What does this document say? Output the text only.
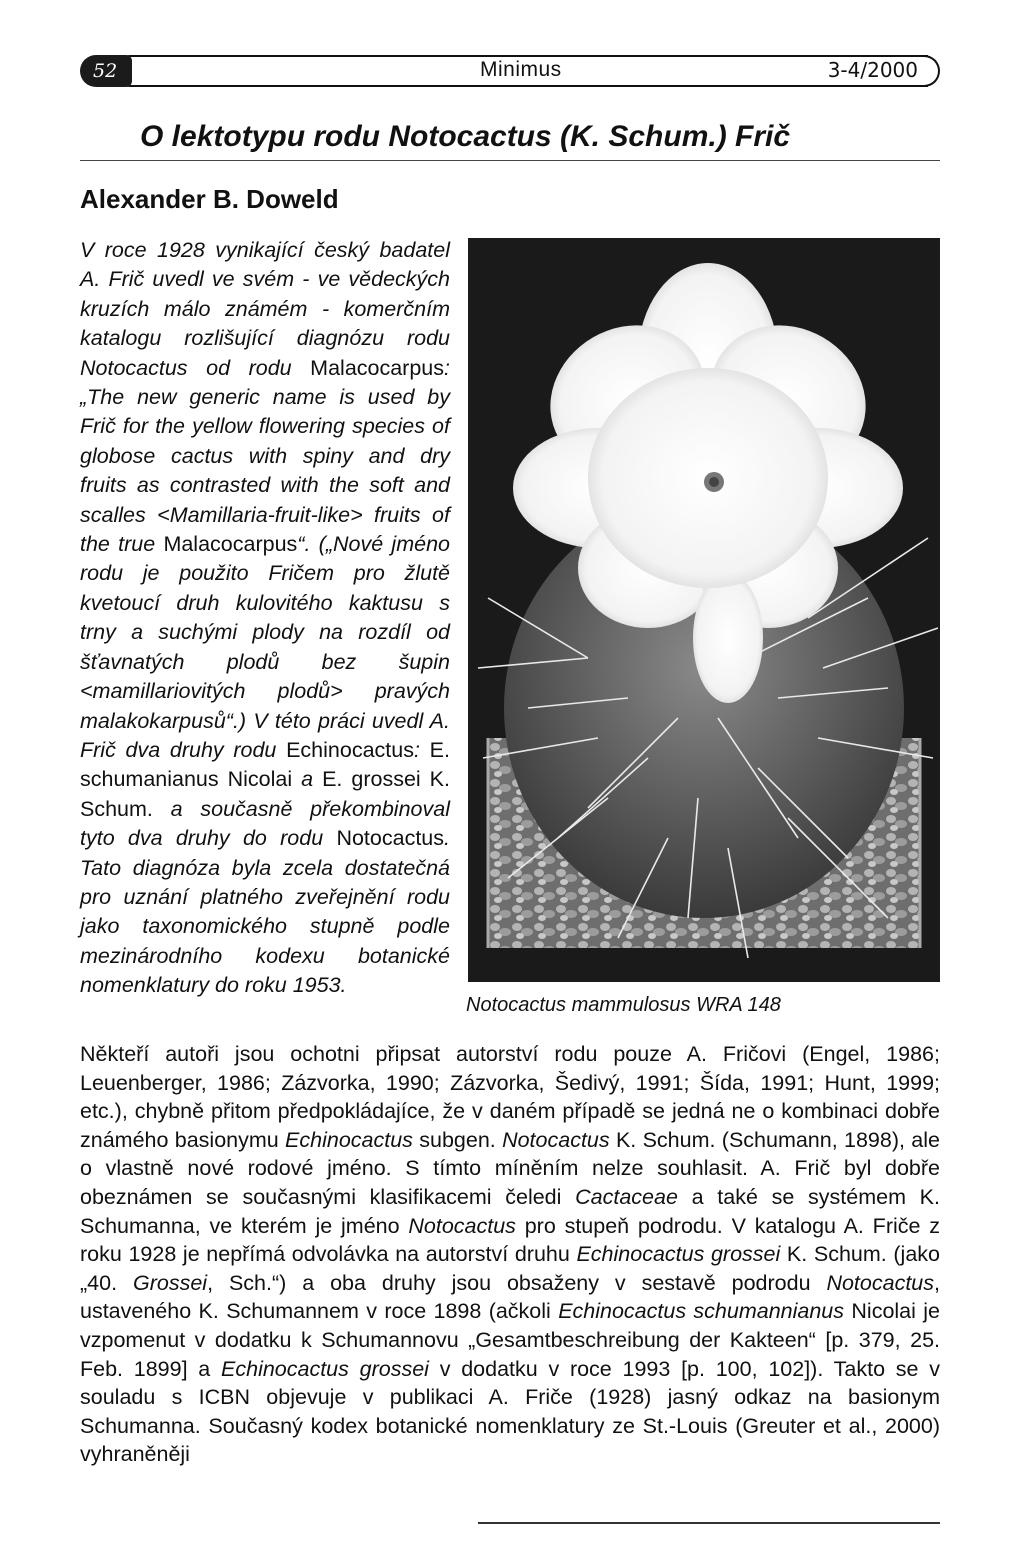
52	Minimus	3-4/2000
O lektotypu rodu Notocactus (K. Schum.) Frič
Alexander B. Doweld

V roce 1928 vynikající český badatel A. Frič uvedl ve svém - ve vědeckých kruzích málo známém - komerčním katalogu rozlišující diagnózu rodu Notocactus od rodu Malacocarpus: „The new generic name is used by Frič for the yellow flowering species of globose cactus with spiny and dry fruits as contrasted with the soft and scalles <Mamillaria-fruit-like> fruits of the true Malacocarpus“. („Nové jméno rodu je použito Fričem pro žlutě kvetoucí druh kulovitého kaktusu s trny a suchými plody na rozdíl od šťavnatých plodů bez šupin <mamillariovitých plodů> pravých malakokarpusů“.) V této práci uvedl A. Frič dva druhy rodu Echinocactus: E. schumanianus Nicolai a E. grossei K. Schum. a současně překombinoval tyto dva druhy do rodu Notocactus. Tato diagnóza byla zcela dostatečná pro uznání platného zveřejnění rodu jako taxonomického stupně podle mezinárodního kodexu botanické nomenklatury do roku 1953.

Notocactus mammulosus WRA 148

Někteří autoři jsou ochotni připsat autorství rodu pouze A. Fričovi (Engel, 1986; Leuenberger, 1986; Zázvorka, 1990; Zázvorka, Šedivý, 1991; Šída, 1991; Hunt, 1999; etc.), chybně přitom předpokládajíce, že v daném případě se jedná ne o kombinaci dobře známého basionymu Echinocactus subgen. Notocactus K. Schum. (Schumann, 1898), ale o vlastně nové rodové jméno. S tímto míněním nelze souhlasit. A. Frič byl dobře obeznámen se současnými klasifikacemi čeledi Cactaceae a také se systémem K. Schumanna, ve kterém je jméno Notocactus pro stupeň podrodu. V katalogu A. Friče z roku 1928 je nepřímá odvolávka na autorství druhu Echinocactus grossei K. Schum. (jako „40. Grossei, Sch.“) a oba druhy jsou obsaženy v sestavě podrodu Notocactus, ustaveného K. Schumannem v roce 1898 (ačkoli Echinocactus schumannianus Nicolai je vzpomenut v dodatku k Schumannovu „Gesamtbeschreibung der Kakteen“ [p. 379, 25. Feb. 1899] a Echinocactus grossei v dodatku v roce 1993 [p. 100, 102]). Takto se v souladu s ICBN objevuje v publikaci A. Friče (1928) jasný odkaz na basionym Schumanna. Současný kodex botanické nomenklatury ze St.-Louis (Greuter et al., 2000) vyhraněněji
